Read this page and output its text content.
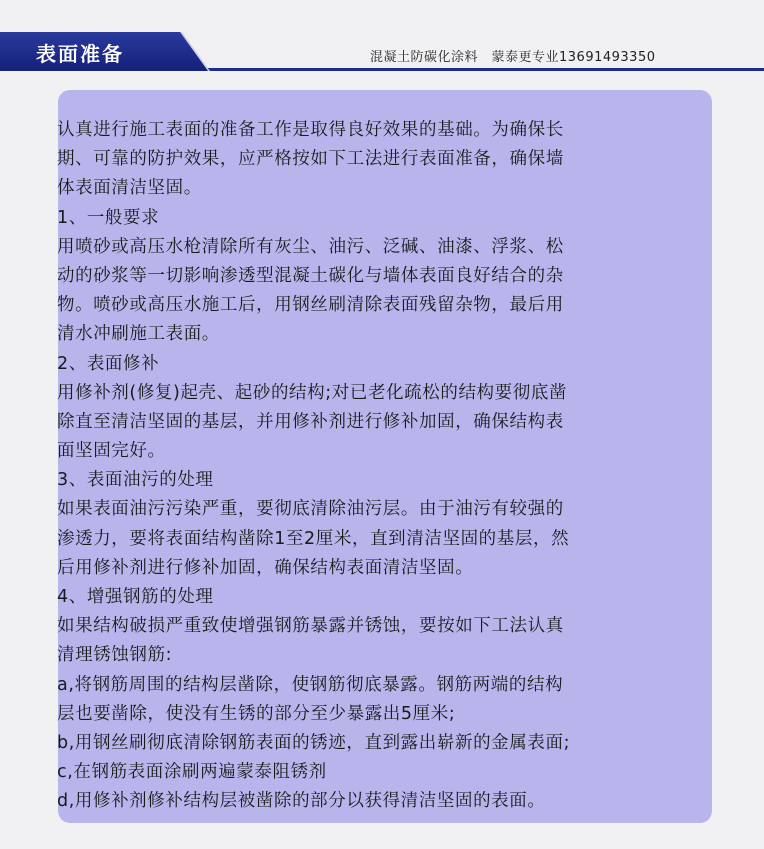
表面准备	混凝土防碳化涂料　蒙泰更专业13691493350
认真进行施工表面的准备工作是取得良好效果的基础。为确保长
期、可靠的防护效果，应严格按如下工法进行表面准备，确保墙
体表面清洁坚固。
1、一般要求
用喷砂或高压水枪清除所有灰尘、油污、泛碱、油漆、浮浆、松
动的砂浆等一切影响渗透型混凝土碳化与墙体表面良好结合的杂
物。喷砂或高压水施工后，用钢丝刷清除表面残留杂物，最后用
清水冲刷施工表面。
2、表面修补
用修补剂(修复)起壳、起砂的结构;对已老化疏松的结构要彻底凿
除直至清洁坚固的基层，并用修补剂进行修补加固，确保结构表
面坚固完好。
3、表面油污的处理
如果表面油污污染严重，要彻底清除油污层。由于油污有较强的
渗透力，要将表面结构凿除1至2厘米，直到清洁坚固的基层，然
后用修补剂进行修补加固，确保结构表面清洁坚固。
4、增强钢筋的处理
如果结构破损严重致使增强钢筋暴露并锈蚀，要按如下工法认真
清理锈蚀钢筋:
a,将钢筋周围的结构层凿除，使钢筋彻底暴露。钢筋两端的结构
层也要凿除，使没有生锈的部分至少暴露出5厘米;
b,用钢丝刷彻底清除钢筋表面的锈迹，直到露出崭新的金属表面;
c,在钢筋表面涂刷两遍蒙泰阻锈剂
d,用修补剂修补结构层被凿除的部分以获得清洁坚固的表面。
